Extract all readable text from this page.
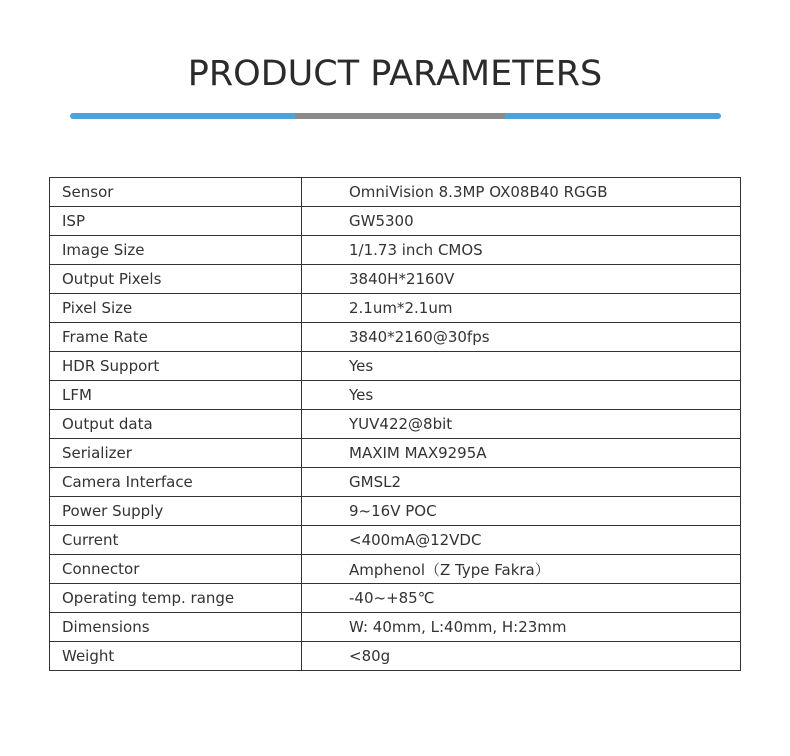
PRODUCT PARAMETERS
Sensor	OmniVision 8.3MP OX08B40 RGGB
ISP	GW5300
Image Size	1/1.73 inch CMOS
Output Pixels	3840H*2160V
Pixel Size	2.1um*2.1um
Frame Rate	3840*2160@30fps
HDR Support	Yes
LFM	Yes
Output data	YUV422@8bit
Serializer	MAXIM MAX9295A
Camera Interface	GMSL2
Power Supply	9~16V POC
Current	<400mA@12VDC
Connector	Amphenol（Z Type Fakra）
Operating temp. range	-40~+85℃
Dimensions	W: 40mm, L:40mm, H:23mm
Weight	<80g
